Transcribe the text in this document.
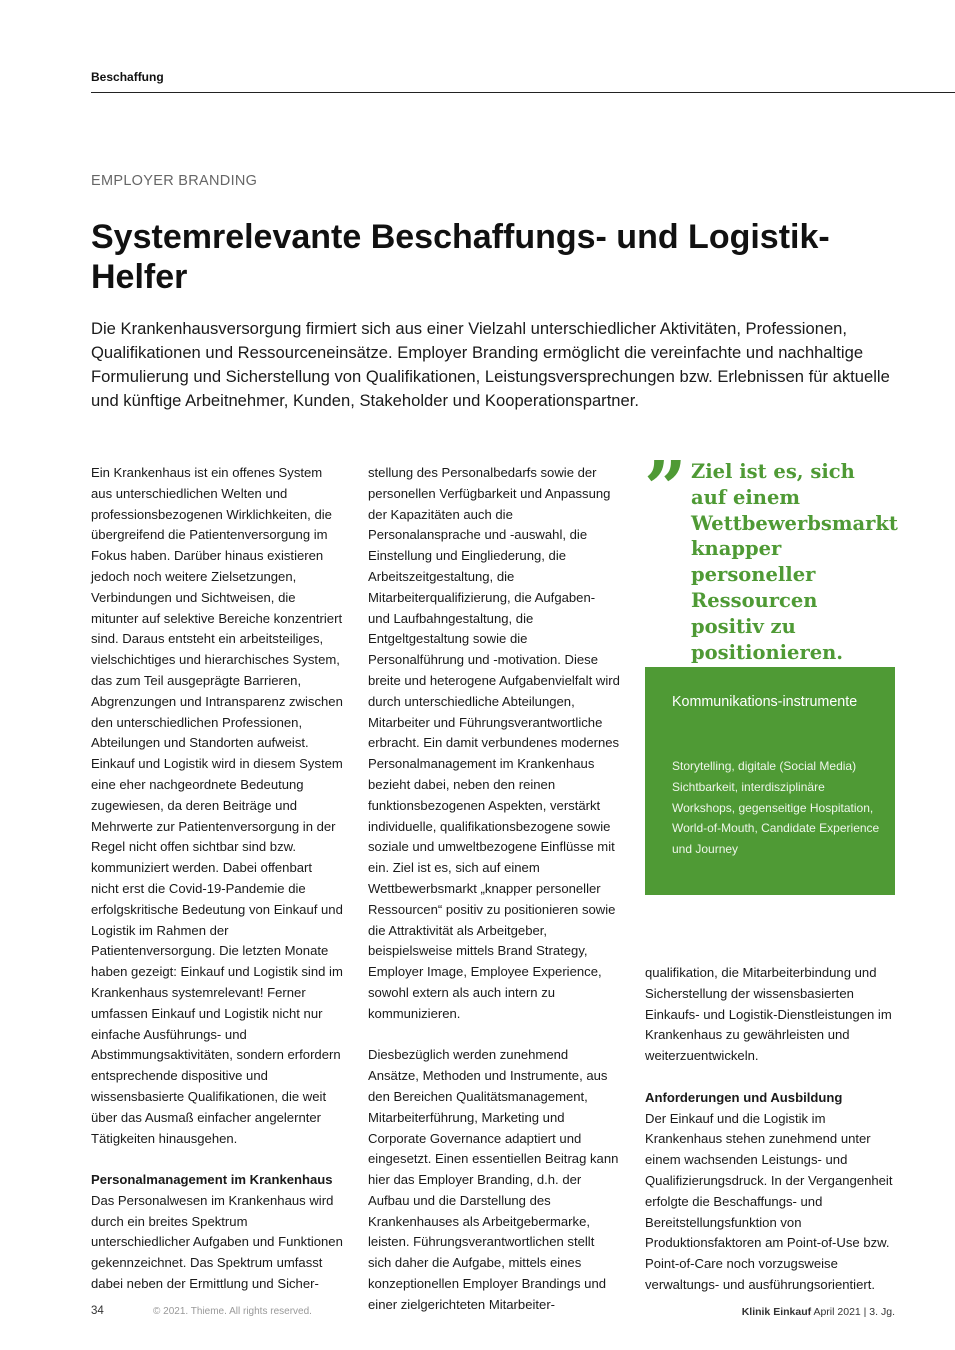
Beschaffung
EMPLOYER BRANDING
Systemrelevante Beschaffungs- und Logistik-Helfer

Die Krankenhausversorgung firmiert sich aus einer Vielzahl unterschiedlicher Aktivitäten, Professionen, Qualifikationen und Ressourceneinsätze. Employer Branding ermöglicht die vereinfachte und nachhaltige Formulierung und Sicherstellung von Qualifikationen, Leistungsversprechungen bzw. Erlebnissen für aktuelle und künftige Arbeitnehmer, Kunden, Stakeholder und Kooperationspartner.

Ein Krankenhaus ist ein offenes System aus unterschiedlichen Welten und professionsbezogenen Wirklichkeiten, die übergreifend die Patientenversorgung im Fokus haben. Darüber hinaus existieren jedoch noch weitere Zielsetzungen, Verbindungen und Sichtweisen, die mitunter auf selektive Bereiche konzentriert sind. Daraus entsteht ein arbeitsteiliges, vielschichtiges und hierarchisches System, das zum Teil ausgeprägte Barrieren, Abgrenzungen und Intransparenz zwischen den unterschiedlichen Professionen, Abteilungen und Standorten aufweist. Einkauf und Logistik wird in diesem System eine eher nachgeordnete Bedeutung zugewiesen, da deren Beiträge und Mehrwerte zur Patientenversorgung in der Regel nicht offen sichtbar sind bzw. kommuniziert werden. Dabei offenbart nicht erst die Covid-19-Pandemie die erfolgskritische Bedeutung von Einkauf und Logistik im Rahmen der Patientenversorgung. Die letzten Monate haben gezeigt: Einkauf und Logistik sind im Krankenhaus systemrelevant! Ferner umfassen Einkauf und Logistik nicht nur einfache Ausführungs- und Abstimmungsaktivitäten, sondern erfordern entsprechende dispositive und wissensbasierte Qualifikationen, die weit über das Ausmaß einfacher angelernter Tätigkeiten hinausgehen.

Personalmanagement im Krankenhaus

Das Personalwesen im Krankenhaus wird durch ein breites Spektrum unterschiedlicher Aufgaben und Funktionen gekennzeichnet. Das Spektrum umfasst dabei neben der Ermittlung und Sicher-

stellung des Personalbedarfs sowie der personellen Verfügbarkeit und Anpassung der Kapazitäten auch die Personalansprache und -auswahl, die Einstellung und Eingliederung, die Arbeitszeitgestaltung, die Mitarbeiterqualifizierung, die Aufgaben- und Laufbahngestaltung, die Entgeltgestaltung sowie die Personalführung und -motivation. Diese breite und heterogene Aufgabenvielfalt wird durch unterschiedliche Abteilungen, Mitarbeiter und Führungsverantwortliche erbracht. Ein damit verbundenes modernes Personalmanagement im Krankenhaus bezieht dabei, neben den reinen funktionsbezogenen Aspekten, verstärkt individuelle, qualifikationsbezogene sowie soziale und umweltbezogene Einflüsse mit ein. Ziel ist es, sich auf einem Wettbewerbsmarkt „knapper personeller Ressourcen“ positiv zu positionieren sowie die Attraktivität als Arbeitgeber, beispielsweise mittels Brand Strategy, Employer Image, Employee Experience, sowohl extern als auch intern zu kommunizieren.

Diesbezüglich werden zunehmend Ansätze, Methoden und Instrumente, aus den Bereichen Qualitätsmanagement, Mitarbeiterführung, Marketing und Corporate Governance adaptiert und eingesetzt. Einen essentiellen Beitrag kann hier das Employer Branding, d.h. der Aufbau und die Darstellung des Krankenhauses als Arbeitgebermarke, leisten. Führungsverantwortlichen stellt sich daher die Aufgabe, mittels eines konzeptionellen Employer Brandings und einer zielgerichteten Mitarbeiter-

” Ziel ist es, sich auf einem Wettbewerbsmarkt knapper personeller Ressourcen positiv zu positionieren.

Kommunikations-instrumente

Storytelling, digitale (Social Media) Sichtbarkeit, interdisziplinäre Workshops, gegenseitige Hospitation, World-of-Mouth, Candidate Experience und Journey

qualifikation, die Mitarbeiterbindung und Sicherstellung der wissensbasierten Einkaufs- und Logistik-Dienstleistungen im Krankenhaus zu gewährleisten und weiterzuentwickeln.

Anforderungen und Ausbildung

Der Einkauf und die Logistik im Krankenhaus stehen zunehmend unter einem wachsenden Leistungs- und Qualifizierungsdruck. In der Vergangenheit erfolgte die Beschaffungs- und Bereitstellungsfunktion von Produktionsfaktoren am Point-of-Use bzw. Point-of-Care noch vorzugsweise verwaltungs- und ausführungsorientiert.

34	© 2021. Thieme. All rights reserved.	Klinik Einkauf April 2021 | 3. Jg.
